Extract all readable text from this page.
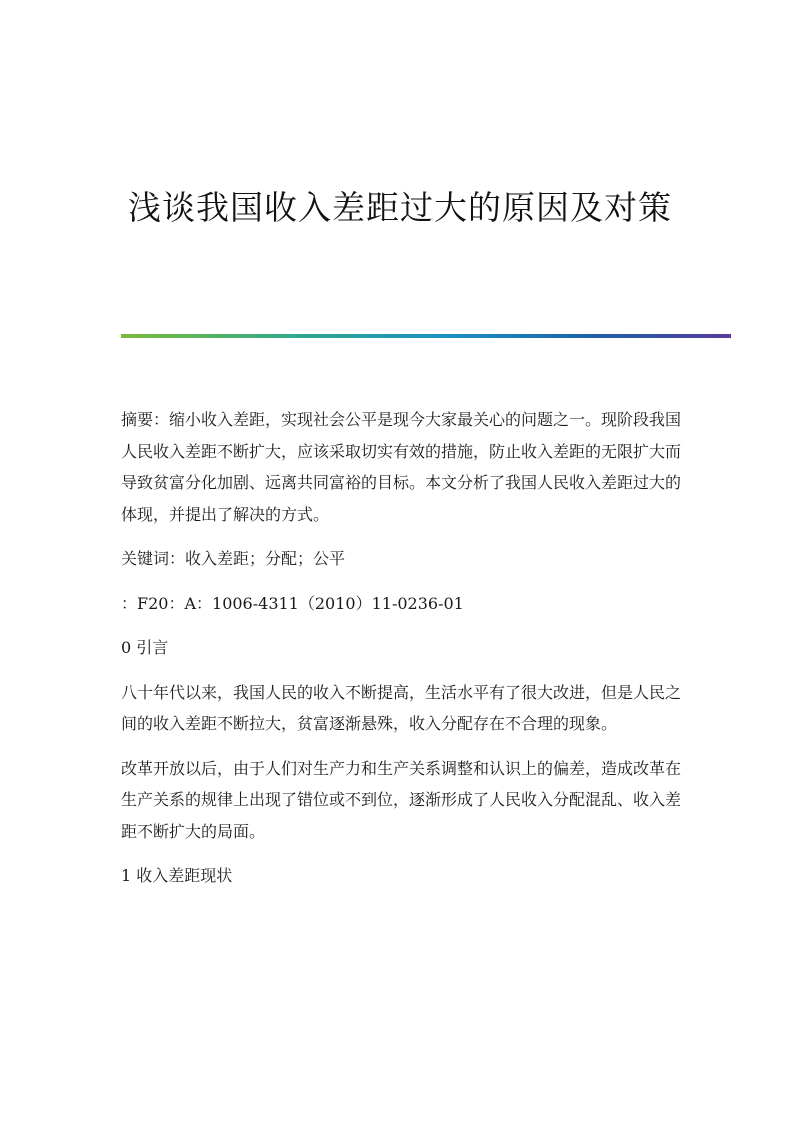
浅谈我国收入差距过大的原因及对策

摘要：缩小收入差距，实现社会公平是现今大家最关心的问题之一。现阶段我国人民收入差距不断扩大，应该采取切实有效的措施，防止收入差距的无限扩大而导致贫富分化加剧、远离共同富裕的目标。本文分析了我国人民收入差距过大的体现，并提出了解决的方式。

关键词：收入差距；分配；公平

：F20：A：1006-4311（2010）11-0236-01

0 引言

八十年代以来，我国人民的收入不断提高，生活水平有了很大改进，但是人民之间的收入差距不断拉大，贫富逐渐悬殊，收入分配存在不合理的现象。

改革开放以后，由于人们对生产力和生产关系调整和认识上的偏差，造成改革在生产关系的规律上出现了错位或不到位，逐渐形成了人民收入分配混乱、收入差距不断扩大的局面。

1 收入差距现状
